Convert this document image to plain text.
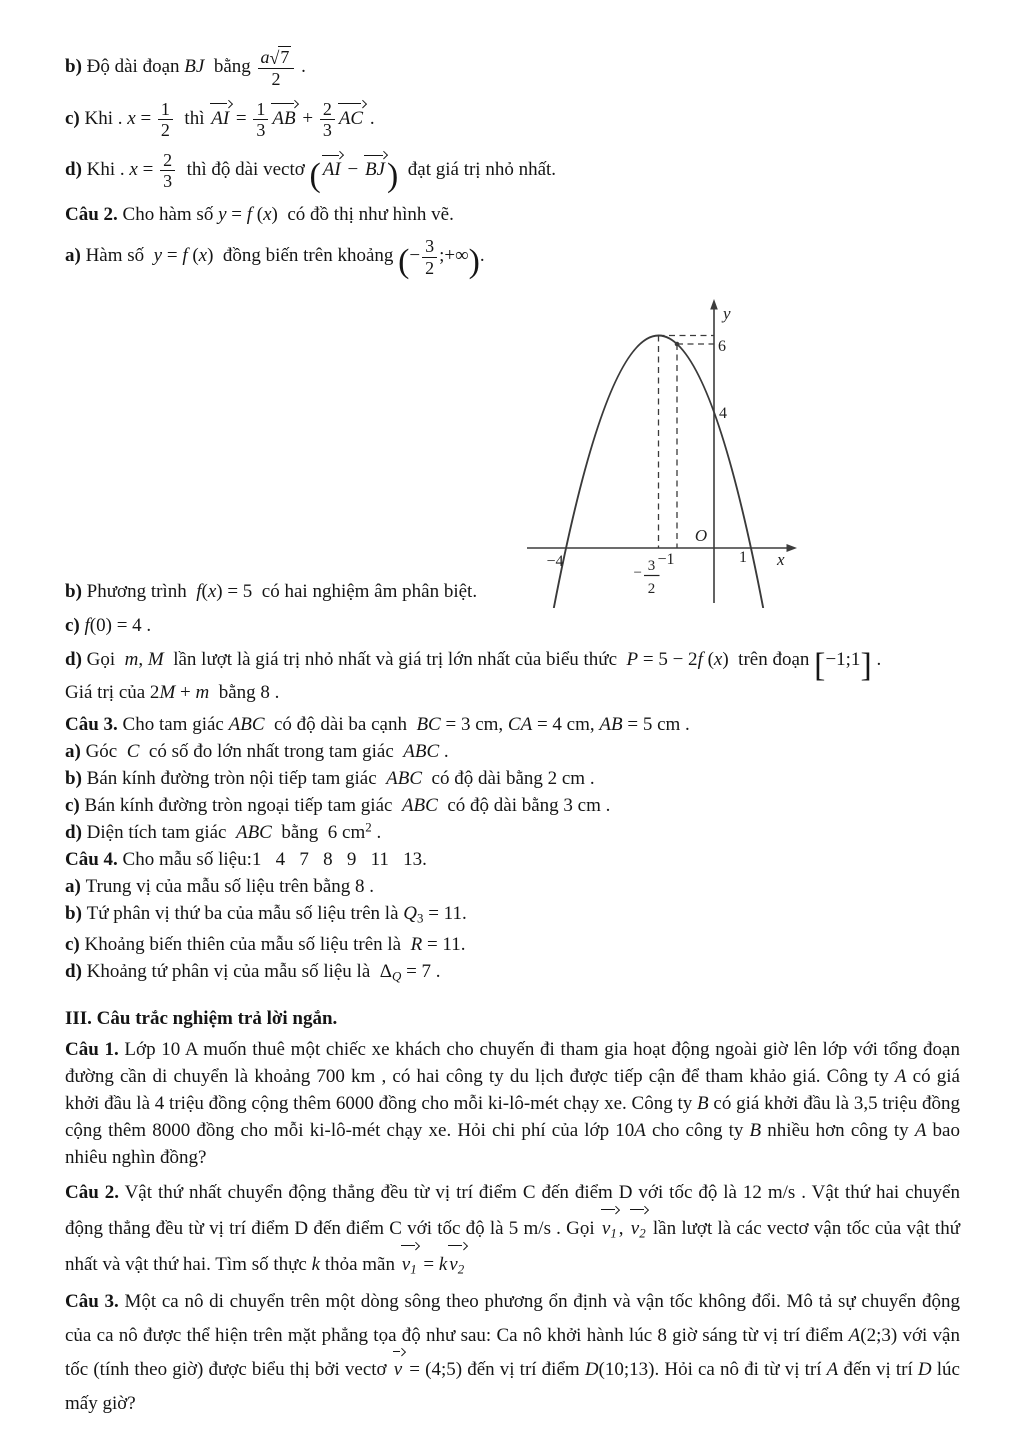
b) Độ dài đoạn BJ  bằng $\frac{a √ 7}{2}$ .
c) Khi . $x = \frac{1}{2}$ thì AI = $\frac{1}{3}$ AB + $\frac{2}{3}$ AC .
d) Khi . $x = \frac{2}{3}$ thì độ dài vectơ ( AI − BJ)  đạt giá trị nhỏ nhất.
Câu 2. Cho hàm số y = f (x)  có đồ thị như hình vẽ.
a) Hàm số  y = f (x)  đồng biến trên khoảng (− $\frac{3}{2}$ ;+∞).
b) Phương trình  f(x) = 5  có hai nghiệm âm phân biệt.
c) f(0) = 4 .
d) Gọi  m, M  lần lượt là giá trị nhỏ nhất và giá trị lớn nhất của biểu thức  P = 5 − 2f (x)  trên đoạn [−1;1] .
Giá trị của 2M + m  bằng 8 .
Câu 3. Cho tam giác ABC  có độ dài ba cạnh  BC = 3 cm, CA = 4 cm, AB = 5 cm .
a) Góc  C  có số đo lớn nhất trong tam giác  ABC .
b) Bán kính đường tròn nội tiếp tam giác  ABC  có độ dài bằng 2 cm .
c) Bán kính đường tròn ngoại tiếp tam giác  ABC  có độ dài bằng 3 cm .
d) Diện tích tam giác  ABC  bằng  6 $cm^2$ .
Câu 4. Cho mẫu số liệu:1   4   7   8   9   11   13.
a) Trung vị của mẫu số liệu trên bằng 8 .
b) Tứ phân vị thứ ba của mẫu số liệu trên là $Q_3 = 11$.
c) Khoảng biến thiên của mẫu số liệu trên là  R = 11.
d) Khoảng tứ phân vị của mẫu số liệu là  $\Delta_Q = 7$ .
III. Câu trắc nghiệm trả lời ngắn.
Câu 1. Lớp 10 A muốn thuê một chiếc xe khách cho chuyến đi tham gia hoạt động ngoài giờ lên lớp với tổng đoạn đường cần di chuyển là khoảng 700 km , có hai công ty du lịch được tiếp cận để tham khảo giá. Công ty A có giá khởi đầu là 4 triệu đồng cộng thêm 6000 đồng cho mỗi ki-lô-mét chạy xe. Công ty B có giá khởi đầu là 3,5 triệu đồng cộng thêm 8000 đồng cho mỗi ki-lô-mét chạy xe. Hỏi chi phí của lớp 10A cho công ty B nhiều hơn công ty A bao nhiêu nghìn đồng?
Câu 2. Vật thứ nhất chuyển động thẳng đều từ vị trí điểm C đến điểm D với tốc độ là 12 m/s . Vật thứ hai chuyển động thẳng đều từ vị trí điểm D đến điểm C với tốc độ là 5 m/s . Gọi $v_1$ , $v_2$ lần lượt là các vectơ vận tốc của vật thứ nhất và vật thứ hai. Tìm số thực k thỏa mãn $v_1 = k$ $v_2$
Câu 3. Một ca nô di chuyển trên một dòng sông theo phương ổn định và vận tốc không đổi. Mô tả sự chuyển động của ca nô được thể hiện trên mặt phẳng tọa độ như sau: Ca nô khởi hành lúc 8 giờ sáng từ vị trí điểm A(2;3) với vận tốc (tính theo giờ) được biểu thị bởi vectơ v = (4;5) đến vị trí điểm D(10;13). Hỏi ca nô đi từ vị trí A đến vị trí D lúc mấy giờ?
y
6
4
O
x
−4	−1	1
− 3
2
